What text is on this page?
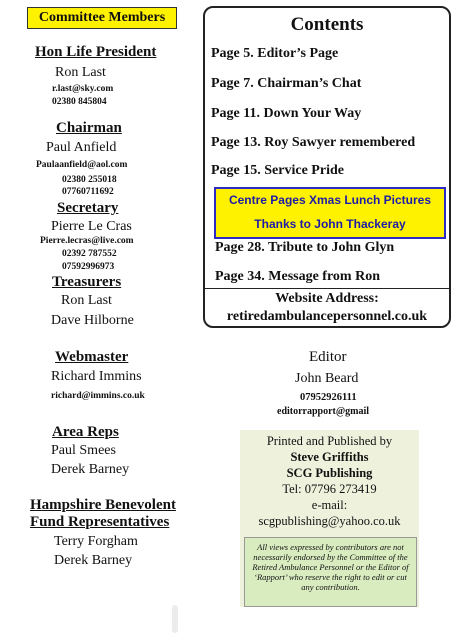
Committee Members
Hon Life President
Ron Last
r.last@sky.com
02380 845804
Chairman
Paul Anfield
Paulaanfield@aol.com
02380 255018
07760711692
Secretary
Pierre Le Cras
Pierre.lecras@live.com
02392 787552
07592996973
Treasurers
Ron Last
Dave Hilborne
Webmaster
Richard Immins
richard@immins.co.uk
Area Reps
Paul Smees
Derek Barney
Hampshire Benevolent Fund Representatives
Terry Forgham
Derek Barney
Contents
Page 5. Editor’s Page
Page 7. Chairman’s Chat
Page 11. Down Your Way
Page 13. Roy Sawyer remembered
Page 15. Service Pride
Centre Pages Xmas Lunch Pictures
Thanks to John Thackeray
Page 28. Tribute to John Glyn
Page 34. Message from Ron
Website Address:
retiredambulancepersonnel.co.uk
Editor
John Beard
07952926111
editorrapport@gmail
Printed and Published by
Steve Griffiths
SCG Publishing
Tel: 07796 273419
e-mail:
scgpublishing@yahoo.co.uk
All views expressed by contributors are not necessarily endorsed by the Committee of the Retired Ambulance Personnel or the Editor of ‘Rapport’ who reserve the right to edit or cut any contribution.
